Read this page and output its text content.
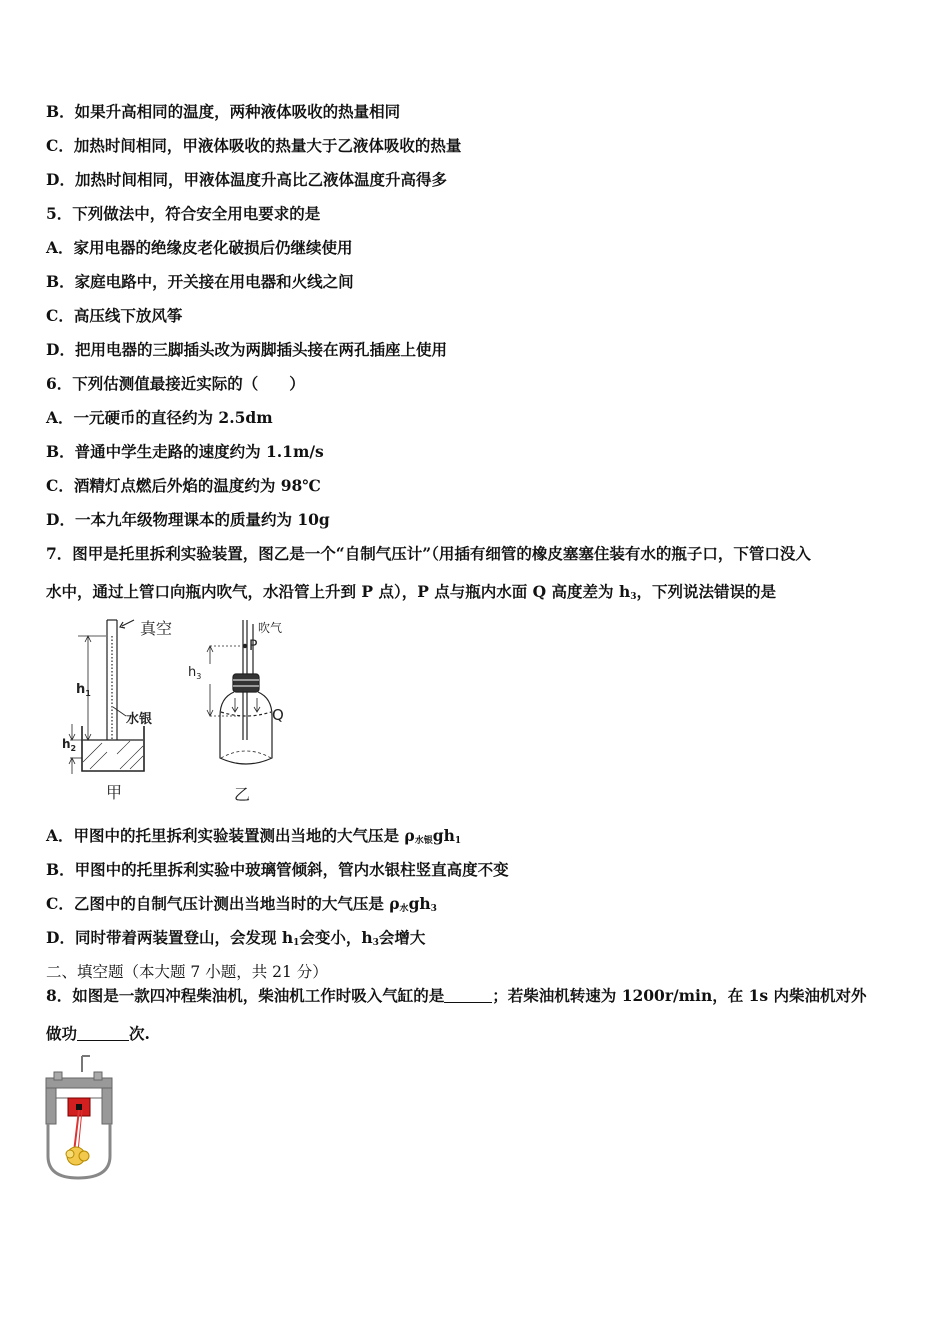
B．如果升高相同的温度，两种液体吸收的热量相同
C．加热时间相同，甲液体吸收的热量大于乙液体吸收的热量
D．加热时间相同，甲液体温度升高比乙液体温度升高得多
5．下列做法中，符合安全用电要求的是
A．家用电器的绝缘皮老化破损后仍继续使用
B．家庭电路中，开关接在用电器和火线之间
C．高压线下放风筝
D．把用电器的三脚插头改为两脚插头接在两孔插座上使用
6．下列估测值最接近实际的（　　）
A．一元硬币的直径约为 2.5dm
B．普通中学生走路的速度约为 1.1m/s
C．酒精灯点燃后外焰的温度约为 98℃
D．一本九年级物理课本的质量约为 10g
7．图甲是托里拆利实验装置，图乙是一个“自制气压计”（用插有细管的橡皮塞塞住装有水的瓶子口，下管口没入
水中，通过上管口向瓶内吹气，水沿管上升到 P 点），P 点与瓶内水面 Q 高度差为 $h_3$，下列说法错误的是
真空
$h_1$
$h_2$
水银
甲
吹气
P
$h_3$
Q
乙
A．甲图中的托里拆利实验装置测出当地的大气压是 $\rho_{水银}gh_1$
B．甲图中的托里拆利实验中玻璃管倾斜，管内水银柱竖直高度不变
C．乙图中的自制气压计测出当地当时的大气压是 $\rho_水gh_3$
D．同时带着两装置登山，会发现 $h_1$会变小，$h_3$会增大
二、填空题（本大题 7 小题，共 21 分）
8．如图是一款四冲程柴油机，柴油机工作时吸入气缸的是	；若柴油机转速为 1200r/min，在 1s 内柴油机对外
做功	次.
